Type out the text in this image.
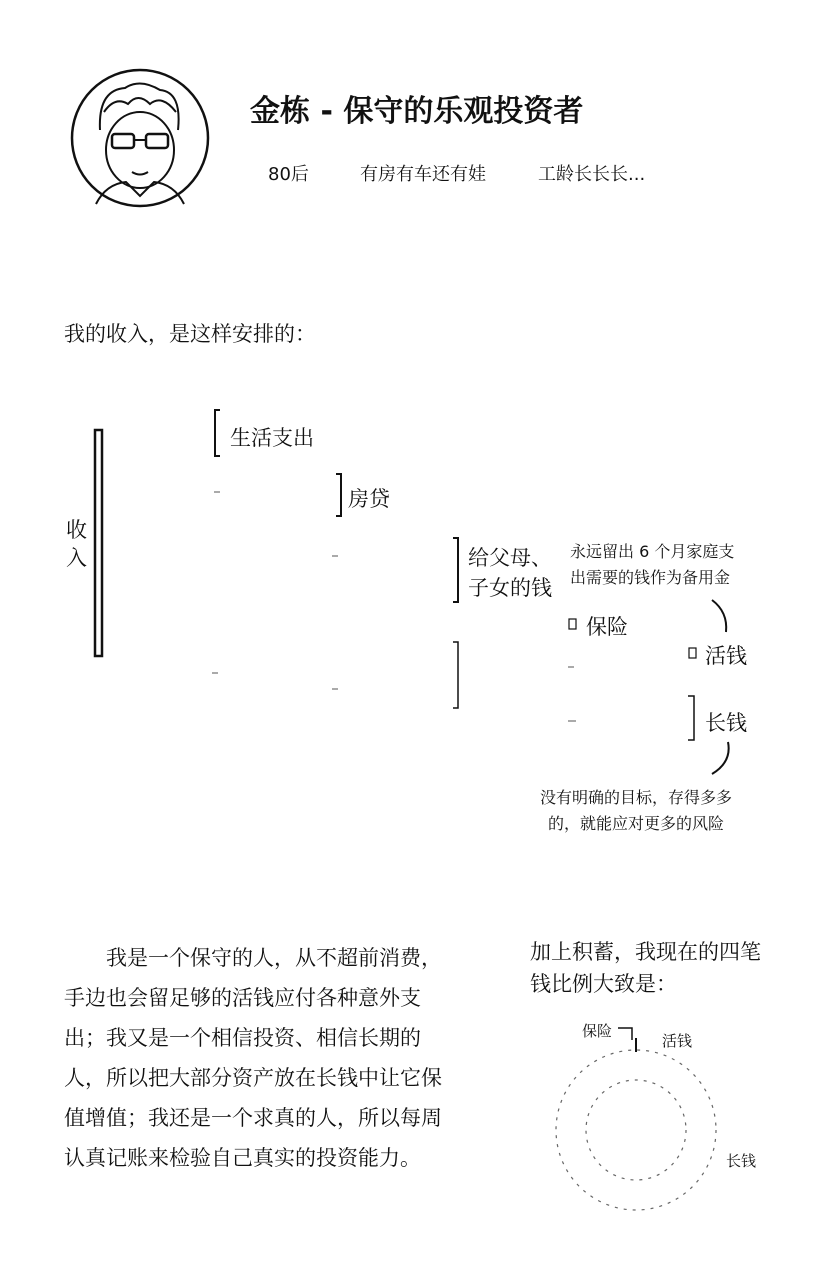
金栋 - 保守的乐观投资者
80后	有房有车还有娃	工龄长长长...
我的收入，是这样安排的：
收入
生活支出
房贷
给父母、
子女的钱
保险
活钱
长钱
永远留出 6 个月家庭支
出需要的钱作为备用金
没有明确的目标，存得多多
的，就能应对更多的风险
我是一个保守的人，从不超前消费，手边也会留足够的活钱应付各种意外支出；我又是一个相信投资、相信长期的人，所以把大部分资产放在长钱中让它保值增值；我还是一个求真的人，所以每周认真记账来检验自己真实的投资能力。
加上积蓄，我现在的四笔钱比例大致是：
保险
活钱
长钱
